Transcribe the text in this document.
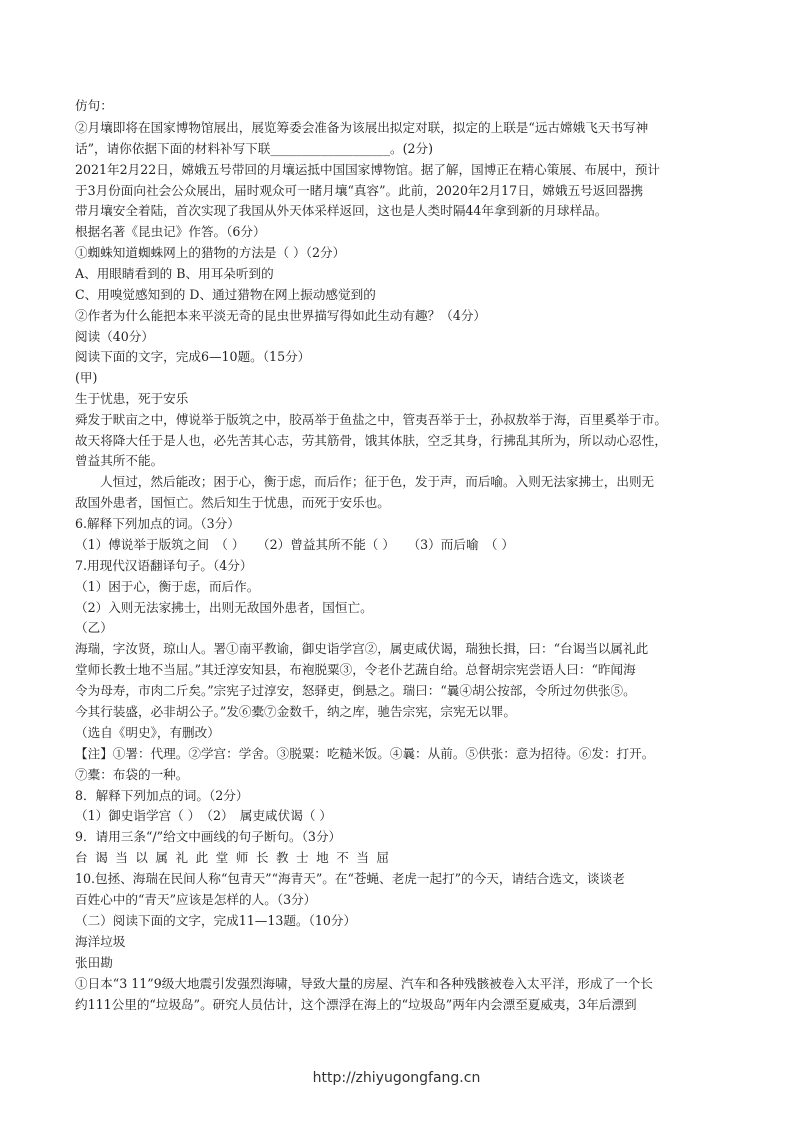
仿句：
②月壤即将在国家博物馆展出，展览筹委会准备为该展出拟定对联，拟定的上联是“远古嫦娥飞天书写神
话”，请你依据下面的材料补写下联___________________。(2分)
2021年2月22日，嫦娥五号带回的月壤运抵中国国家博物馆。据了解，国博正在精心策展、布展中，预计
于3月份面向社会公众展出，届时观众可一睹月壤“真容”。此前，2020年2月17日，嫦娥五号返回器携
带月壤安全着陆，首次实现了我国从外天体采样返回，这也是人类时隔44年拿到新的月球样品。
根据名著《昆虫记》作答。（6分）
①蜘蛛知道蜘蛛网上的猎物的方法是（ ）（2分）
A、用眼睛看到的 B、用耳朵听到的
C、用嗅觉感知到的 D、通过猎物在网上振动感觉到的
②作者为什么能把本来平淡无奇的昆虫世界描写得如此生动有趣？（4分）
阅读（40分）
阅读下面的文字，完成6—10题。（15分）
(甲)
生于忧患，死于安乐
舜发于畎亩之中，傅说举于版筑之中，胶鬲举于鱼盐之中，管夷吾举于士，孙叔敖举于海，百里奚举于市。
故天将降大任于是人也，必先苦其心志，劳其筋骨，饿其体肤，空乏其身，行拂乱其所为，所以动心忍性，
曾益其所不能。
人恒过，然后能改；困于心，衡于虑，而后作；征于色，发于声，而后喻。入则无法家拂士，出则无
敌国外患者，国恒亡。然后知生于忧患，而死于安乐也。
6.解释下列加点的词。（3分）
（1）傅说举于版筑之间　（ ）　　（2）曾益其所不能（ ）　　（3）而后喻　（ ）
7.用现代汉语翻译句子。（4分）
（1）困于心，衡于虑，而后作。
（2）入则无法家拂士，出则无敌国外患者，国恒亡。
（乙）
海瑞，字汝贤，琼山人。署①南平教谕，御史诣学宫②，属吏咸伏谒，瑞独长揖，曰：“台谒当以属礼此
堂师长教士地不当屈。”其迁淳安知县，布袍脱粟③，令老仆艺蔬自给。总督胡宗宪尝语人曰：“昨闻海
令为母寿，市肉二斤矣。”宗宪子过淳安，怒驿吏，倒悬之。瑞曰：“曩④胡公按部，令所过勿供张⑤。
今其行装盛，必非胡公子。”发⑥橐⑦金数千，纳之库，驰告宗宪，宗宪无以罪。
（选自《明史》，有删改）
【注】①署：代理。②学宫：学舍。③脱粟：吃糙米饭。④曩：从前。⑤供张：意为招待。⑥发：打开。
⑦橐：布袋的一种。
8．解释下列加点的词。（2分）
（1）御史诣学宫（ ）　（2）　属吏咸伏谒（ ）
9．请用三条“/”给文中画线的句子断句。（3分）
台谒当以属礼此堂师长教士地不当屈
10.包拯、海瑞在民间人称“包青天”“海青天”。在“苍蝇、老虎一起打”的今天，请结合选文，谈谈老
百姓心中的“青天”应该是怎样的人。（3分）
（二）阅读下面的文字，完成11—13题。（10分）
海洋垃圾
张田勘
①日本“3 11”9级大地震引发强烈海啸，导致大量的房屋、汽车和各种残骸被卷入太平洋，形成了一个长
约111公里的“垃圾岛”。研究人员估计，这个漂浮在海上的“垃圾岛”两年内会漂至夏威夷，3年后漂到
http://zhiyugongfang.cn
